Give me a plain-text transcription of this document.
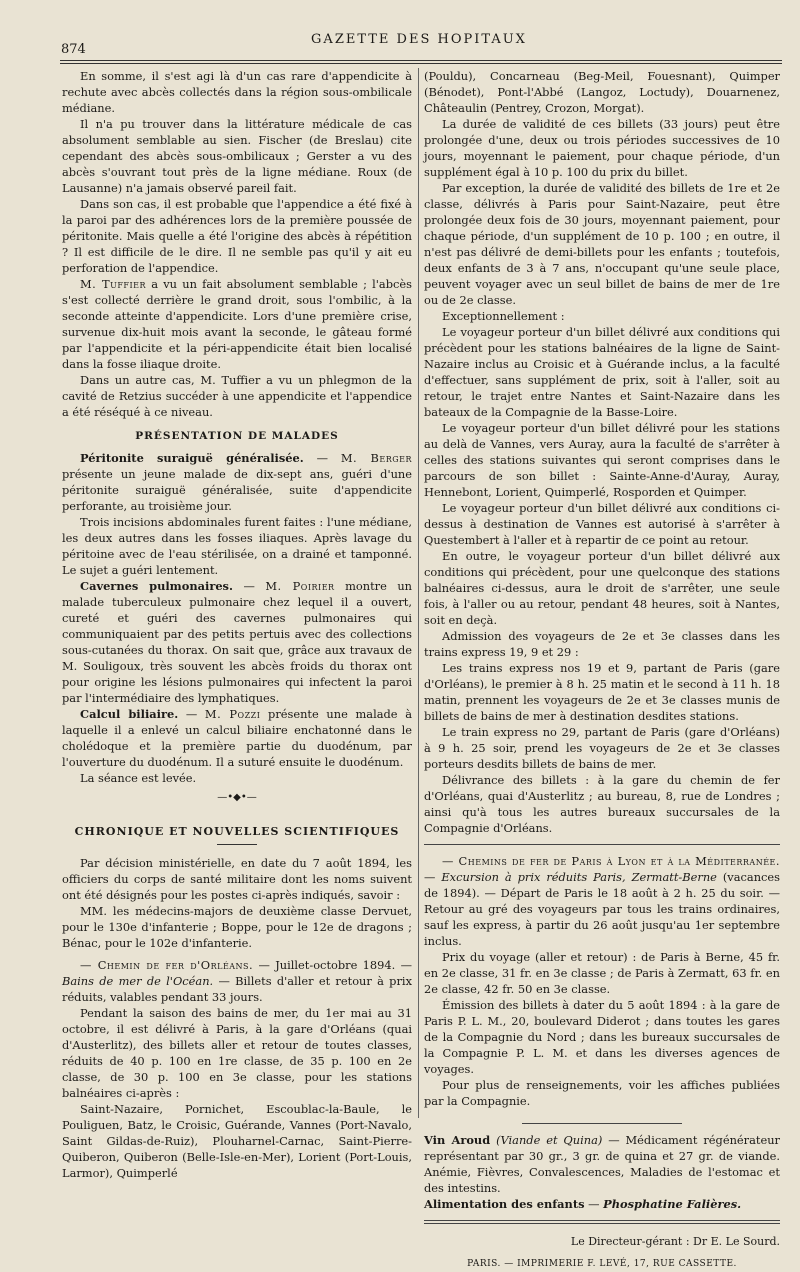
874
GAZETTE DES HOPITAUX

En somme, il s'est agi là d'un cas rare d'appendicite à rechute avec abcès collectés dans la région sous-ombilicale médiane.

Il n'a pu trouver dans la littérature médicale de cas absolument semblable au sien. Fischer (de Breslau) cite cependant des abcès sous-ombilicaux ; Gerster a vu des abcès s'ouvrant tout près de la ligne médiane. Roux (de Lausanne) n'a jamais observé pareil fait.

Dans son cas, il est probable que l'appendice a été fixé à la paroi par des adhérences lors de la première poussée de péritonite. Mais quelle a été l'origine des abcès à répétition ? Il est difficile de le dire. Il ne semble pas qu'il y ait eu perforation de l'appendice.

M. Tuffier a vu un fait absolument semblable ; l'abcès s'est collecté derrière le grand droit, sous l'ombilic, à la seconde atteinte d'appendicite. Lors d'une première crise, survenue dix-huit mois avant la seconde, le gâteau formé par l'appendicite et la péri-appendicite était bien localisé dans la fosse iliaque droite.

Dans un autre cas, M. Tuffier a vu un phlegmon de la cavité de Retzius succéder à une appendicite et l'appendice a été réséqué à ce niveau.

PRÉSENTATION DE MALADES

Péritonite suraiguë généralisée. — M. Berger présente un jeune malade de dix-sept ans, guéri d'une péritonite suraiguë généralisée, suite d'appendicite perforante, au troisième jour.

Trois incisions abdominales furent faites : l'une médiane, les deux autres dans les fosses iliaques. Après lavage du péritoine avec de l'eau stérilisée, on a drainé et tamponné. Le sujet a guéri lentement.

Cavernes pulmonaires. — M. Poirier montre un malade tuberculeux pulmonaire chez lequel il a ouvert, cureté et guéri des cavernes pulmonaires qui communiquaient par des petits pertuis avec des collections sous-cutanées du thorax. On sait que, grâce aux travaux de M. Souligoux, très souvent les abcès froids du thorax ont pour origine les lésions pulmonaires qui infectent la paroi par l'intermédiaire des lymphatiques.

Calcul biliaire. — M. Pozzi présente une malade à laquelle il a enlevé un calcul biliaire enchatonné dans le cholédoque et la première partie du duodénum, par l'ouverture du duodénum. Il a suturé ensuite le duodénum.

La séance est levée.

—•◆•—
CHRONIQUE ET NOUVELLES SCIENTIFIQUES

Par décision ministérielle, en date du 7 août 1894, les officiers du corps de santé militaire dont les noms suivent ont été désignés pour les postes ci-après indiqués, savoir :

MM. les médecins-majors de deuxième classe Dervuet, pour le 130e d'infanterie ; Boppe, pour le 12e de dragons ; Bénac, pour le 102e d'infanterie.

— Chemin de fer d'Orléans. — Juillet-octobre 1894. — Bains de mer de l'Océan. — Billets d'aller et retour à prix réduits, valables pendant 33 jours.

Pendant la saison des bains de mer, du 1er mai au 31 octobre, il est délivré à Paris, à la gare d'Orléans (quai d'Austerlitz), des billets aller et retour de toutes classes, réduits de 40 p. 100 en 1re classe, de 35 p. 100 en 2e classe, de 30 p. 100 en 3e classe, pour les stations balnéaires ci-après :

Saint-Nazaire, Pornichet, Escoublac-la-Baule, le Pouliguen, Batz, le Croisic, Guérande, Vannes (Port-Navalo, Saint Gildas-de-Ruiz), Plouharnel-Carnac, Saint-Pierre-Quiberon, Quiberon (Belle-Isle-en-Mer), Lorient (Port-Louis, Larmor), Quimperlé

(Pouldu), Concarneau (Beg-Meil, Fouesnant), Quimper (Bénodet), Pont-l'Abbé (Langoz, Loctudy), Douarnenez, Châteaulin (Pentrey, Crozon, Morgat).

La durée de validité de ces billets (33 jours) peut être prolongée d'une, deux ou trois périodes successives de 10 jours, moyennant le paiement, pour chaque période, d'un supplément égal à 10 p. 100 du prix du billet.

Par exception, la durée de validité des billets de 1re et 2e classe, délivrés à Paris pour Saint-Nazaire, peut être prolongée deux fois de 30 jours, moyennant paiement, pour chaque période, d'un supplément de 10 p. 100 ; en outre, il n'est pas délivré de demi-billets pour les enfants ; toutefois, deux enfants de 3 à 7 ans, n'occupant qu'une seule place, peuvent voyager avec un seul billet de bains de mer de 1re ou de 2e classe.

Exceptionnellement :

Le voyageur porteur d'un billet délivré aux conditions qui précèdent pour les stations balnéaires de la ligne de Saint-Nazaire inclus au Croisic et à Guérande inclus, a la faculté d'effectuer, sans supplément de prix, soit à l'aller, soit au retour, le trajet entre Nantes et Saint-Nazaire dans les bateaux de la Compagnie de la Basse-Loire.

Le voyageur porteur d'un billet délivré pour les stations au delà de Vannes, vers Auray, aura la faculté de s'arrêter à celles des stations suivantes qui seront comprises dans le parcours de son billet : Sainte-Anne-d'Auray, Auray, Hennebont, Lorient, Quimperlé, Rosporden et Quimper.

Le voyageur porteur d'un billet délivré aux conditions ci-dessus à destination de Vannes est autorisé à s'arrêter à Questembert à l'aller et à repartir de ce point au retour.

En outre, le voyageur porteur d'un billet délivré aux conditions qui précèdent, pour une quelconque des stations balnéaires ci-dessus, aura le droit de s'arrêter, une seule fois, à l'aller ou au retour, pendant 48 heures, soit à Nantes, soit en deçà.

Admission des voyageurs de 2e et 3e classes dans les trains express 19, 9 et 29 :

Les trains express nos 19 et 9, partant de Paris (gare d'Orléans), le premier à 8 h. 25 matin et le second à 11 h. 18 matin, prennent les voyageurs de 2e et 3e classes munis de billets de bains de mer à destination desdites stations.

Le train express no 29, partant de Paris (gare d'Orléans) à 9 h. 25 soir, prend les voyageurs de 2e et 3e classes porteurs desdits billets de bains de mer.

Délivrance des billets : à la gare du chemin de fer d'Orléans, quai d'Austerlitz ; au bureau, 8, rue de Londres ; ainsi qu'à tous les autres bureaux succursales de la Compagnie d'Orléans.

— Chemins de fer de Paris à Lyon et à la Méditerranée. — Excursion à prix réduits Paris, Zermatt-Berne (vacances de 1894). — Départ de Paris le 18 août à 2 h. 25 du soir. — Retour au gré des voyageurs par tous les trains ordinaires, sauf les express, à partir du 26 août jusqu'au 1er septembre inclus.

Prix du voyage (aller et retour) : de Paris à Berne, 45 fr. en 2e classe, 31 fr. en 3e classe ; de Paris à Zermatt, 63 fr. en 2e classe, 42 fr. 50 en 3e classe.

Émission des billets à dater du 5 août 1894 : à la gare de Paris P. L. M., 20, boulevard Diderot ; dans toutes les gares de la Compagnie du Nord ; dans les bureaux succursales de la Compagnie P. L. M. et dans les diverses agences de voyages.

Pour plus de renseignements, voir les affiches publiées par la Compagnie.

Vin Aroud (Viande et Quina) — Médicament régénérateur représentant par 30 gr., 3 gr. de quina et 27 gr. de viande. Anémie, Fièvres, Convalescences, Maladies de l'estomac et des intestins.

Alimentation des enfants — Phosphatine Falières.

Le Directeur-gérant : Dr E. Le Sourd.
PARIS. — IMPRIMERIE F. LEVÉ, 17, RUE CASSETTE.
